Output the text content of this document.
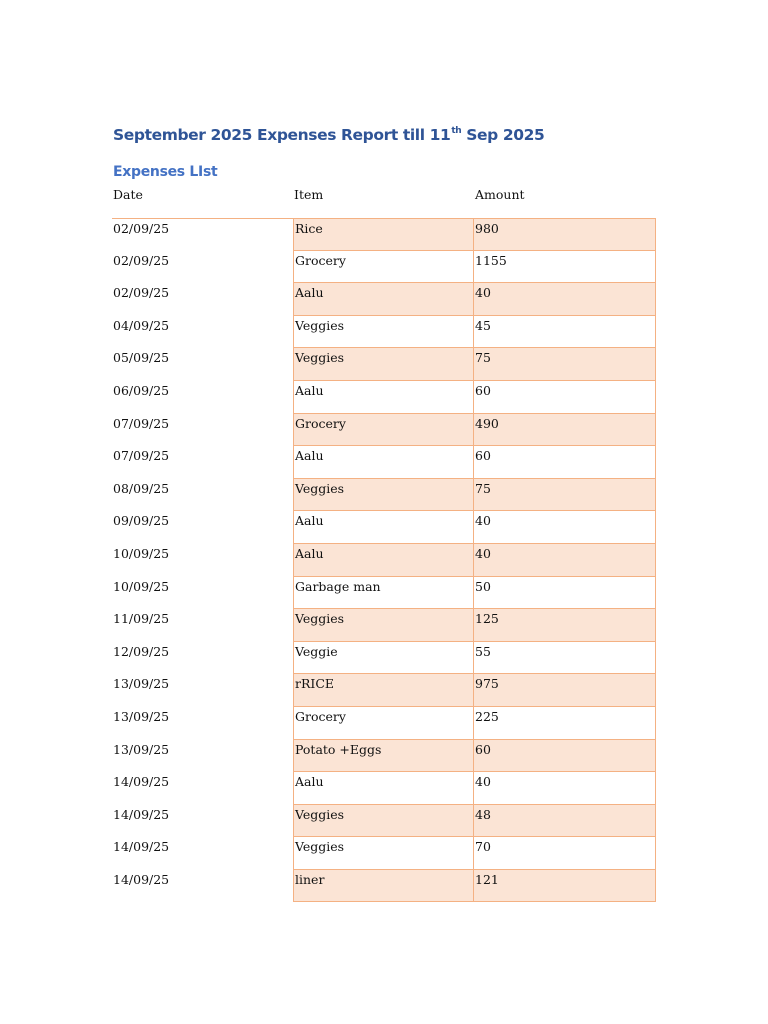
September 2025 Expenses Report till 11th Sep 2025
Expenses LIst
Date	Item	Amount
02/09/25	Rice	980
02/09/25	Grocery	1155
02/09/25	Aalu	40
04/09/25	Veggies	45
05/09/25	Veggies	75
06/09/25	Aalu	60
07/09/25	Grocery	490
07/09/25	Aalu	60
08/09/25	Veggies	75
09/09/25	Aalu	40
10/09/25	Aalu	40
10/09/25	Garbage man	50
11/09/25	Veggies	125
12/09/25	Veggie	55
13/09/25	rRICE	975
13/09/25	Grocery	225
13/09/25	Potato +Eggs	60
14/09/25	Aalu	40
14/09/25	Veggies	48
14/09/25	Veggies	70
14/09/25	liner	121
